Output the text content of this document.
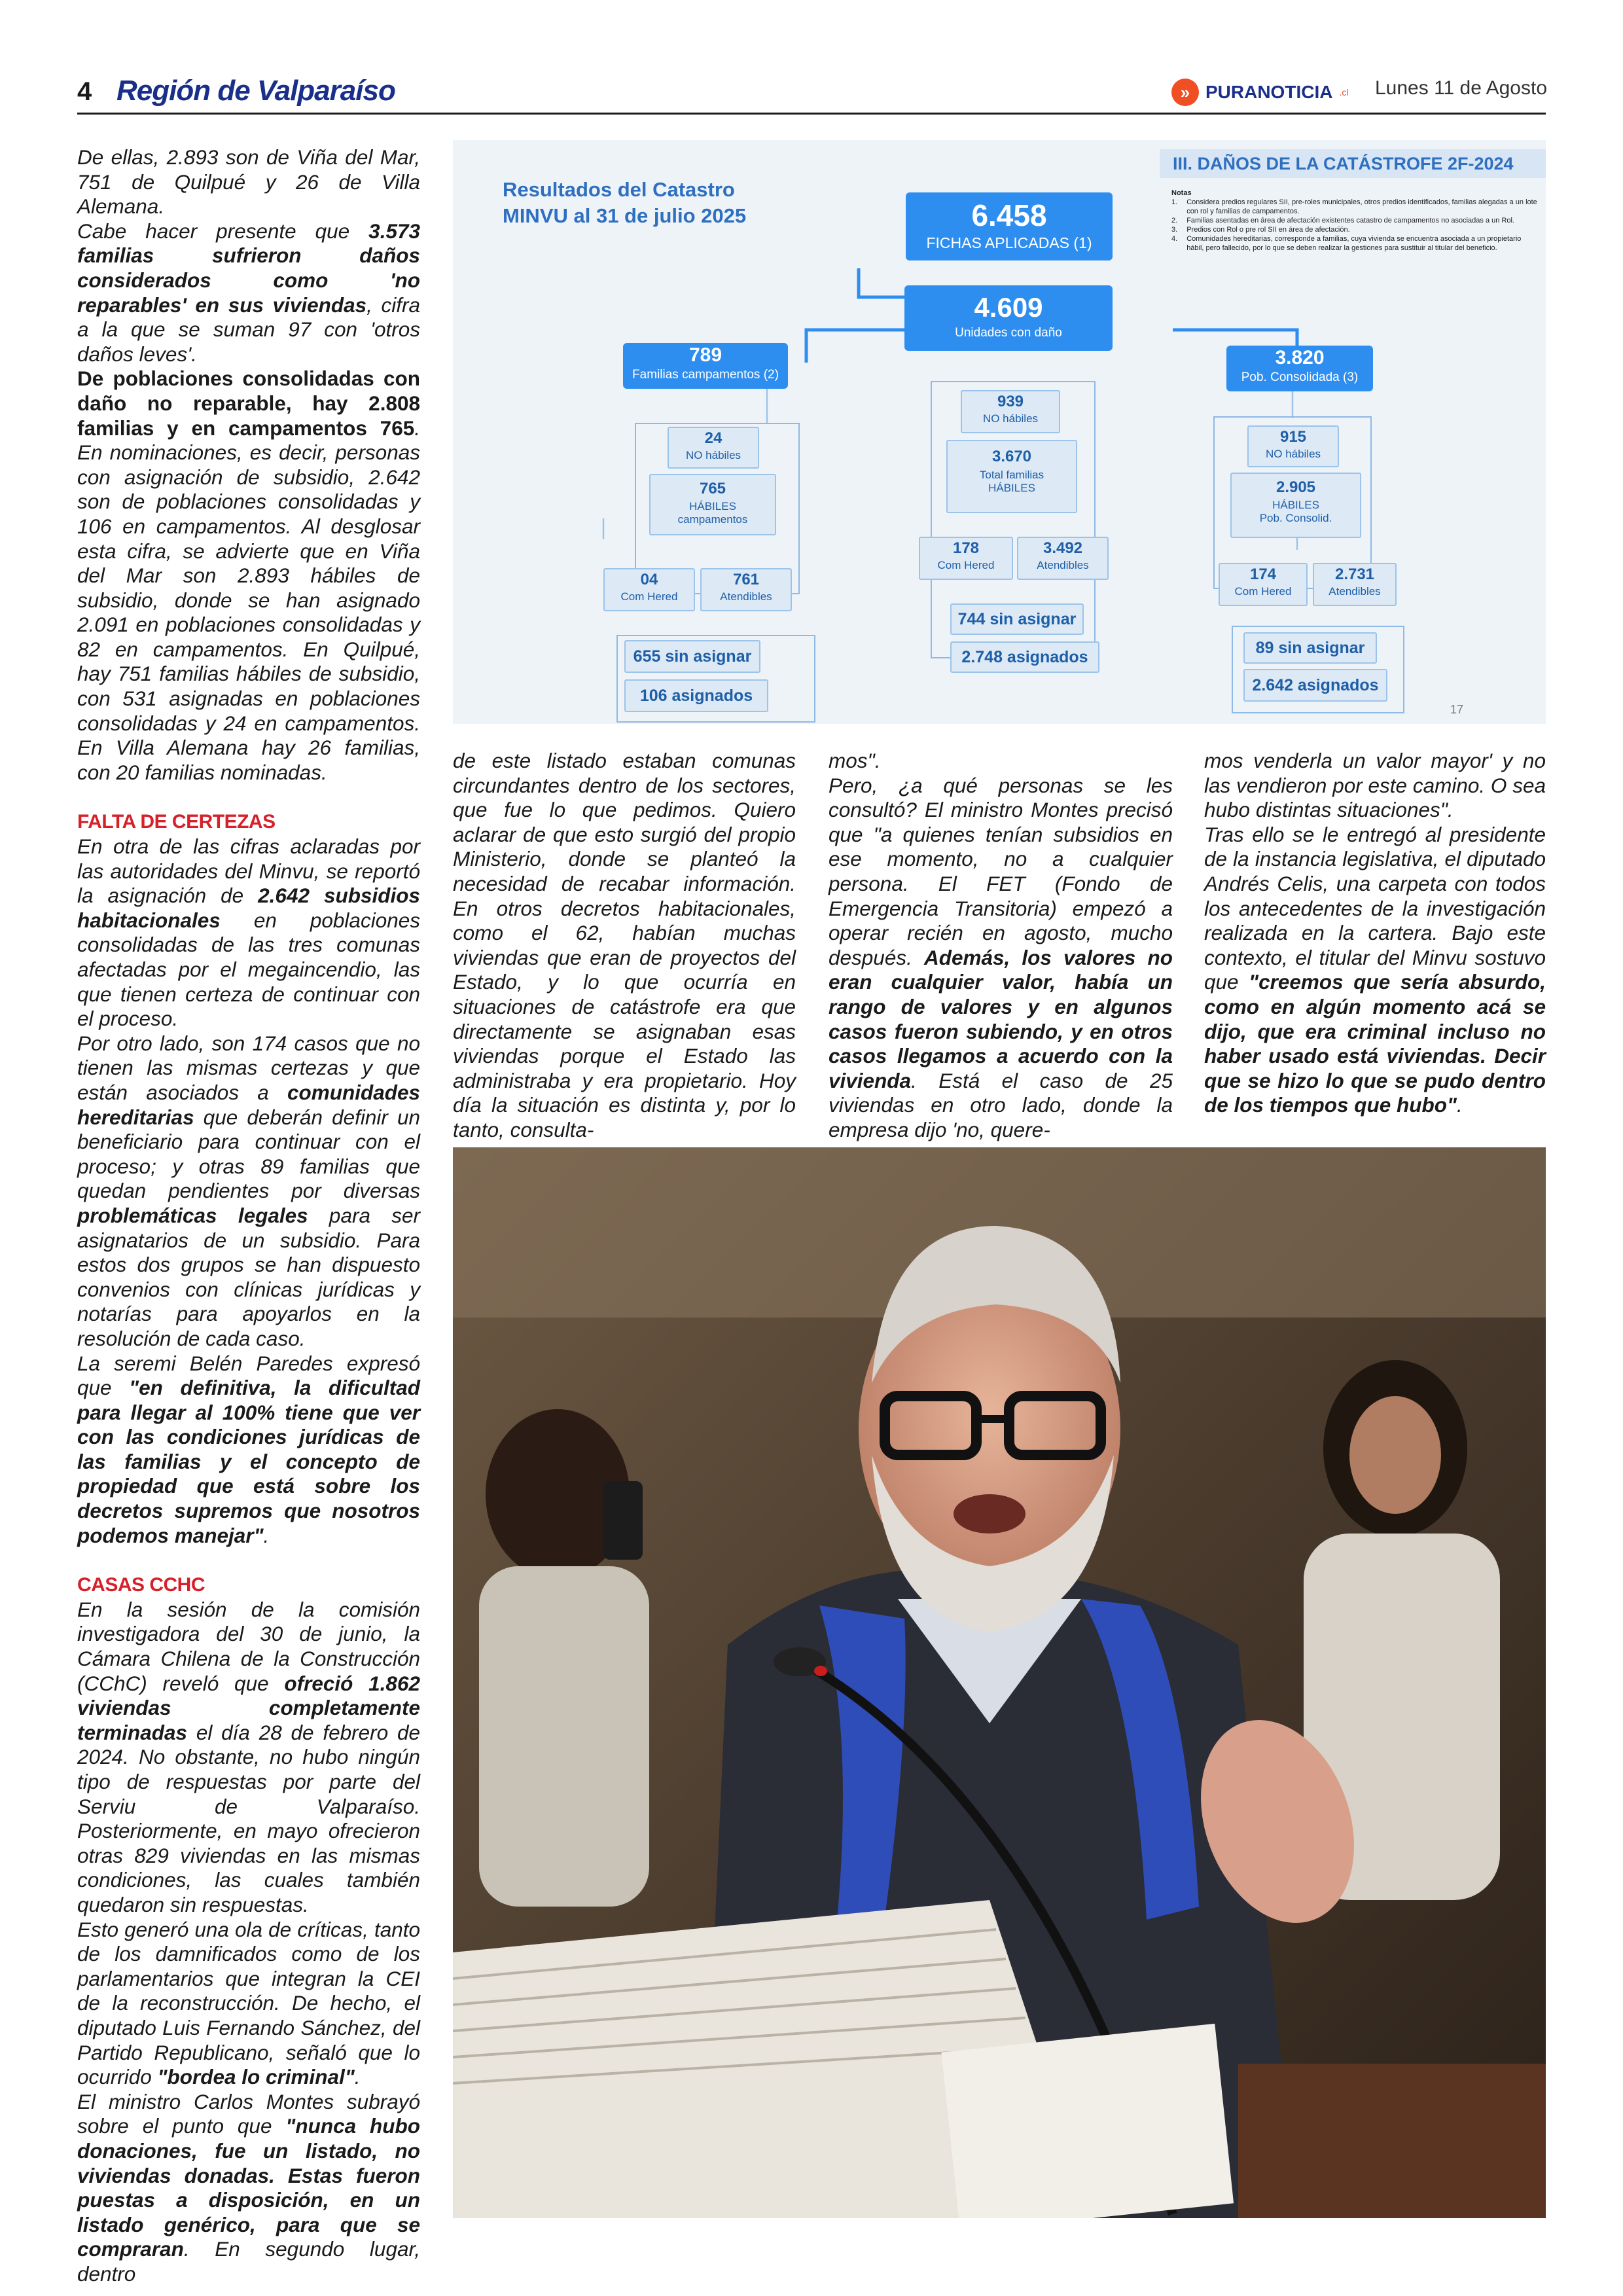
4 Región de Valparaíso	» PURANOTICIA .cl Lunes 11 de Agosto

De ellas, 2.893 son de Viña del Mar, 751 de Quilpué y 26 de Villa Alemana.

Cabe hacer presente que 3.573 familias sufrieron daños considerados como 'no reparables' en sus viviendas, cifra a la que se suman 97 con 'otros daños leves'.

De poblaciones consolidadas con daño no reparable, hay 2.808 familias y en campamentos 765. En nominaciones, es decir, personas con asignación de subsidio, 2.642 son de poblaciones consolidadas y 106 en campamentos. Al desglosar esta cifra, se advierte que en Viña del Mar son 2.893 hábiles de subsidio, donde se han asignado 2.091 en poblaciones consolidadas y 82 en campamentos. En Quilpué, hay 751 familias hábiles de subsidio, con 531 asignadas en poblaciones consolidadas y 24 en campamentos. En Villa Alemana hay 26 familias, con 20 familias nominadas.

FALTA DE CERTEZAS

En otra de las cifras aclaradas por las autoridades del Minvu, se reportó la asignación de 2.642 subsidios habitacionales en poblaciones consolidadas de las tres comunas afectadas por el megaincendio, las que tienen certeza de continuar con el proceso.

Por otro lado, son 174 casos que no tienen las mismas certezas y que están asociados a comunidades hereditarias que deberán definir un beneficiario para continuar con el proceso; y otras 89 familias que quedan pendientes por diversas problemáticas legales para ser asignatarios de un subsidio. Para estos dos grupos se han dispuesto convenios con clínicas jurídicas y notarías para apoyarlos en la resolución de cada caso.

La seremi Belén Paredes expresó que "en definitiva, la dificultad para llegar al 100% tiene que ver con las condiciones jurídicas de las familias y el concepto de propiedad que está sobre los decretos supremos que nosotros podemos manejar".

CASAS CCHC

En la sesión de la comisión investigadora del 30 de junio, la Cámara Chilena de la Construcción (CChC) reveló que ofreció 1.862 viviendas completamente terminadas el día 28 de febrero de 2024. No obstante, no hubo ningún tipo de respuestas por parte del Serviu de Valparaíso. Posteriormente, en mayo ofrecieron otras 829 viviendas en las mismas condiciones, las cuales también quedaron sin respuestas.

Esto generó una ola de críticas, tanto de los damnificados como de los parlamentarios que integran la CEI de la reconstrucción. De hecho, el diputado Luis Fernando Sánchez, del Partido Republicano, señaló que lo ocurrido "bordea lo criminal".

El ministro Carlos Montes subrayó sobre el punto que "nunca hubo donaciones, fue un listado, no viviendas donadas. Estas fueron puestas a disposición, en un listado genérico, para que se compraran. En segundo lugar, dentro

Resultados del Catastro
MINVU al 31 de julio 2025
III. DAÑOS DE LA CATÁSTROFE 2F-2024
Notas
1. Considera predios regulares SII, pre-roles municipales, otros predios identificados, familias alegadas a un lote con rol y familias de campamentos.
2. Familias asentadas en área de afectación existentes catastro de campamentos no asociadas a un Rol.
3. Predios con Rol o pre rol SII en área de afectación.
4. Comunidades hereditarias, corresponde a familias, cuya vivienda se encuentra asociada a un propietario hábil, pero fallecido, por lo que se deben realizar la gestiones para sustituir al titular del beneficio.
6.458
FICHAS APLICADAS (1)
4.609
Unidades con daño
789
Familias campamentos (2)
3.820
Pob. Consolidada (3)
24
NO hábiles
765
HÁBILES
campamentos
04
Com Hered
761
Atendibles
655 sin asignar
106 asignados
939
NO hábiles
3.670
Total familias
HÁBILES
178
Com Hered
3.492
Atendibles
744 sin asignar
2.748 asignados
915
NO hábiles
2.905
HÁBILES
Pob. Consolid.
174
Com Hered
2.731
Atendibles
89 sin asignar
2.642 asignados
17

de este listado estaban comunas circundantes dentro de los sectores, que fue lo que pedimos. Quiero aclarar de que esto surgió del propio Ministerio, donde se planteó la necesidad de recabar información. En otros decretos habitacionales, como el 62, habían muchas viviendas que eran de proyectos del Estado, y lo que ocurría en situaciones de catástrofe era que directamente se asignaban esas viviendas porque el Estado las administraba y era propietario. Hoy día la situación es distinta y, por lo tanto, consulta-

mos".

Pero, ¿a qué personas se les consultó? El ministro Montes precisó que "a quienes tenían subsidios en ese momento, no a cualquier persona. El FET (Fondo de Emergencia Transitoria) empezó a operar recién en agosto, mucho después. Además, los valores no eran cualquier valor, había un rango de valores y en algunos casos fueron subiendo, y en otros casos llegamos a acuerdo con la vivienda. Está el caso de 25 viviendas en otro lado, donde la empresa dijo 'no, quere-

mos venderla un valor mayor' y no las vendieron por este camino. O sea hubo distintas situaciones".

Tras ello se le entregó al presidente de la instancia legislativa, el diputado Andrés Celis, una carpeta con todos los antecedentes de la investigación realizada en la cartera. Bajo este contexto, el titular del Minvu sostuvo que "creemos que sería absurdo, como en algún momento acá se dijo, que era criminal incluso no haber usado está viviendas. Decir que se hizo lo que se pudo dentro de los tiempos que hubo".
